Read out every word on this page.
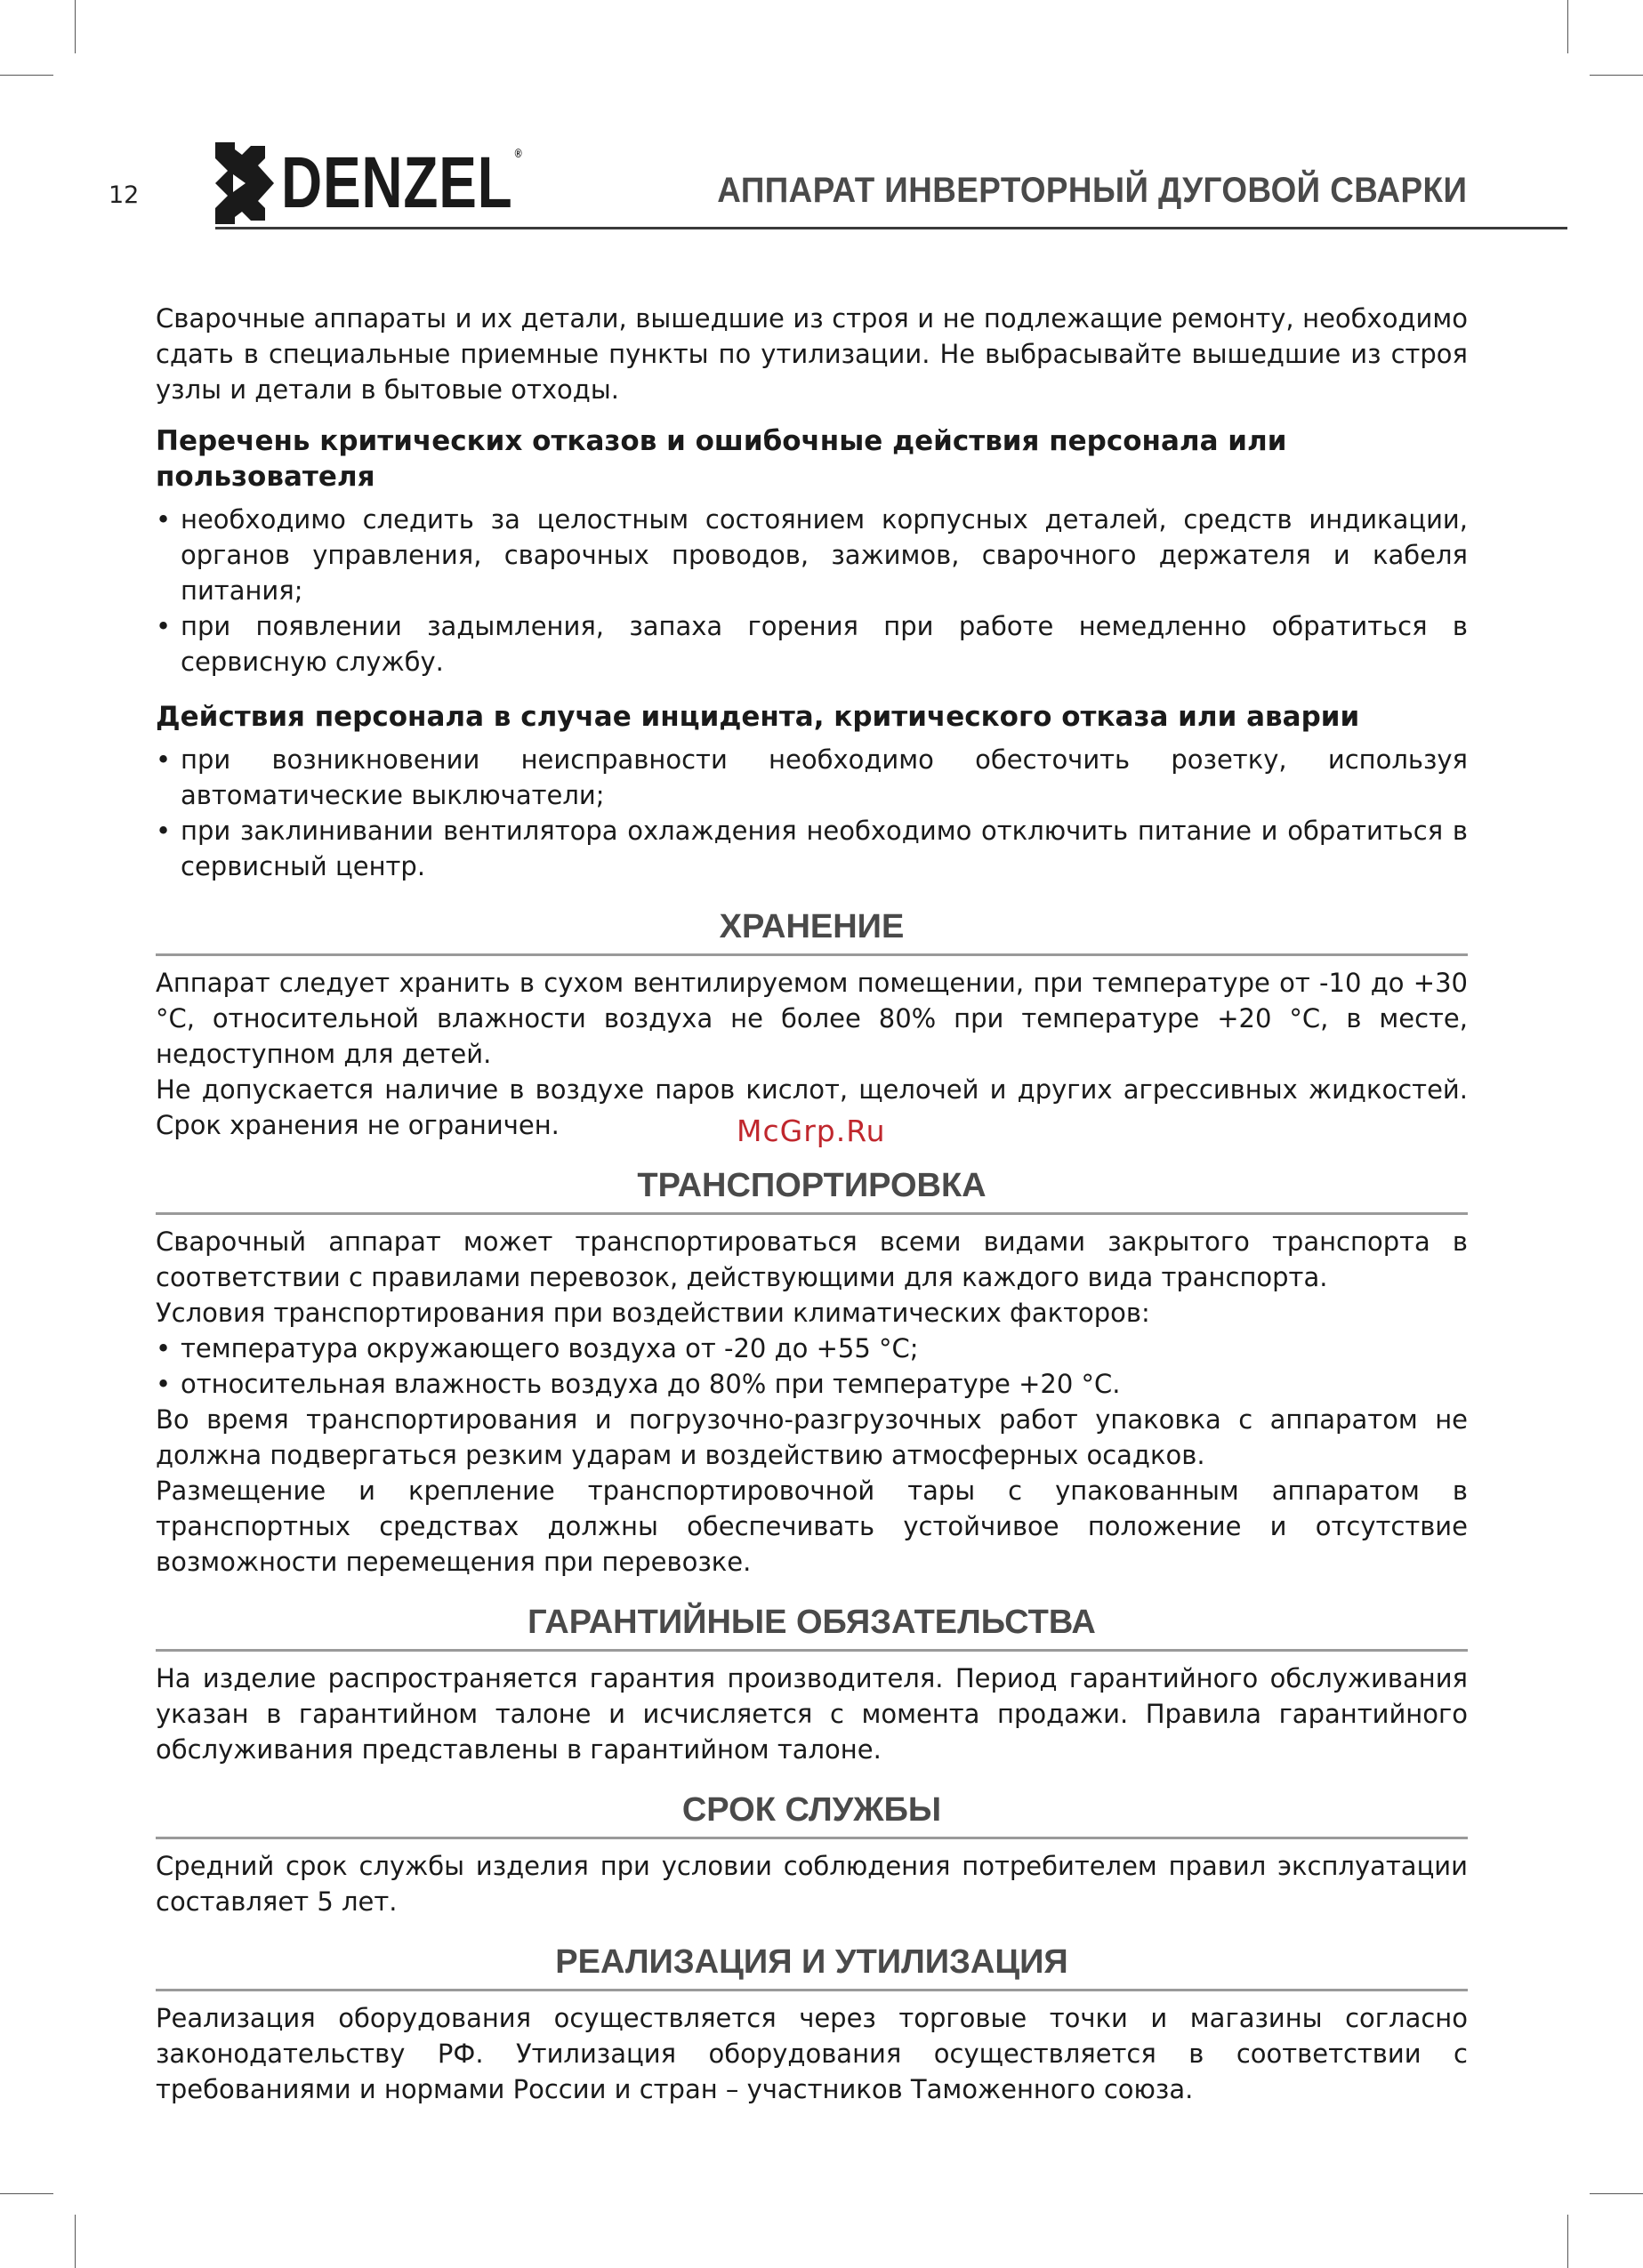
12 DENZEL ®
АППАРАТ ИНВЕРТОРНЫЙ ДУГОВОЙ СВАРКИ

Сварочные аппараты и их детали, вышедшие из строя и не подлежащие ремонту, необходимо сдать в специальные приемные пункты по утилизации. Не выбрасывайте вышедшие из строя узлы и детали в бытовые отходы.

Перечень критических отказов и ошибочные действия персонала или пользователя
• необходимо следить за целостным состоянием корпусных деталей, средств индикации, органов управления, сварочных проводов, зажимов, сварочного держателя и кабеля питания;
• при появлении задымления, запаха горения при работе немедленно обратиться в сервисную службу.
Действия персонала в случае инцидента, критического отказа или аварии
• при возникновении неисправности необходимо обесточить розетку, используя автоматические выключатели;
• при заклинивании вентилятора охлаждения необходимо отключить питание и обратиться в сервисный центр.
ХРАНЕНИЕ

Аппарат следует хранить в сухом вентилируемом помещении, при температуре от -10 до +30 °С, относительной влажности воздуха не более 80% при температуре +20 °С, в месте, недоступном для детей.

Не допускается наличие в воздухе паров кислот, щелочей и других агрессивных жидкостей. Срок хранения не ограничен.

ТРАНСПОРТИРОВКА

Сварочный аппарат может транспортироваться всеми видами закрытого транспорта в соответствии с правилами перевозок, действующими для каждого вида транспорта.

Условия транспортирования при воздействии климатических факторов:

• температура окружающего воздуха от -20 до +55 °С;
• относительная влажность воздуха до 80% при температуре +20 °С.

Во время транспортирования и погрузочно-разгрузочных работ упаковка с аппаратом не должна подвергаться резким ударам и воздействию атмосферных осадков.

Размещение и крепление транспортировочной тары с упакованным аппаратом в транспортных средствах должны обеспечивать устойчивое положение и отсутствие возможности перемещения при перевозке.

ГАРАНТИЙНЫЕ ОБЯЗАТЕЛЬСТВА

На изделие распространяется гарантия производителя. Период гарантийного обслуживания указан в гарантийном талоне и исчисляется с момента продажи. Правила гарантийного обслуживания представлены в гарантийном талоне.

СРОК СЛУЖБЫ

Средний срок службы изделия при условии соблюдения потребителем правил эксплуатации составляет 5 лет.

РЕАЛИЗАЦИЯ И УТИЛИЗАЦИЯ

Реализация оборудования осуществляется через торговые точки и магазины согласно законодательству РФ. Утилизация оборудования осуществляется в соответствии с требованиями и нормами России и стран – участников Таможенного союза.

McGrp.Ru
